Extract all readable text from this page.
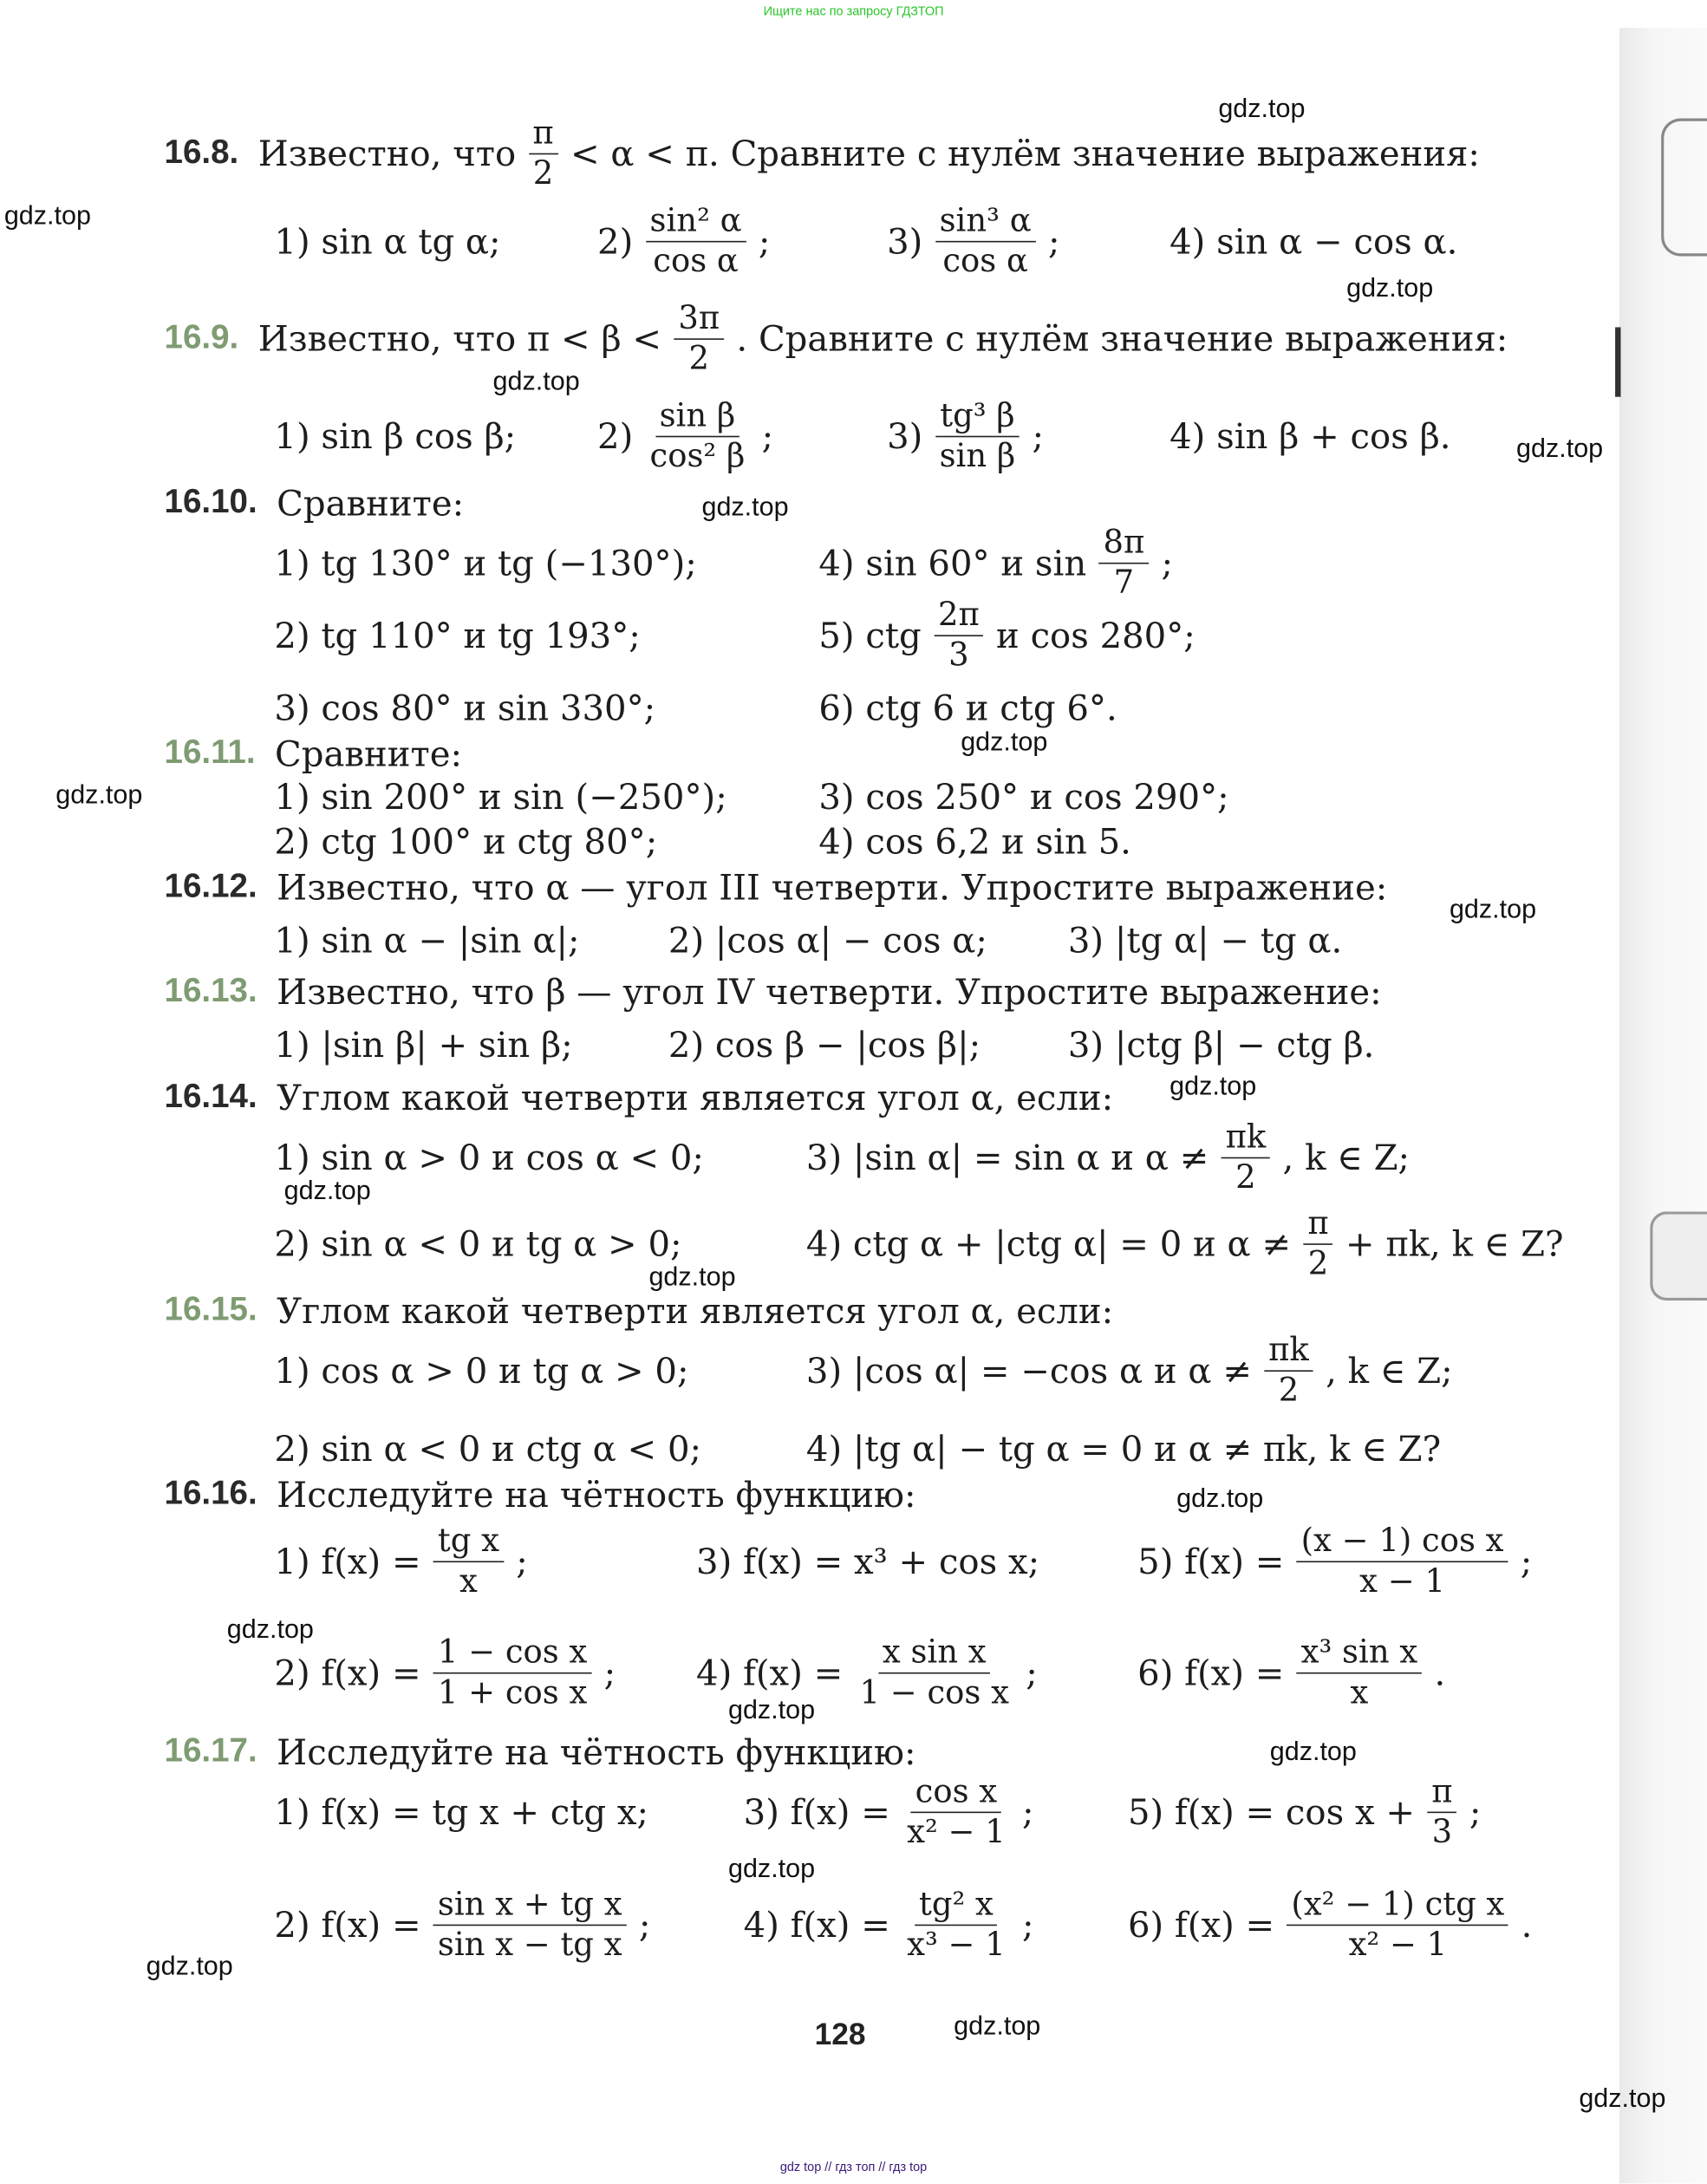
Ищите нас по запросу ГДЗТОП
gdz top // гдз топ // гдз top
128
16.8. Известно, что $\frac{\pi}{2} < \alpha < \pi$. Сравните с нулём значение выражения:
1) sin α tg α;	$2) \frac{\text{sin² α}}{\text{cos α}}$ ;	$3) \frac{\text{sin³ α}}{\text{cos α}}$ ;	4) sin α − cos α.
16.9. Известно, что $\pi < \beta < \frac{3\pi}{2}$ . Сравните с нулём значение выражения:
1) sin β cos β;	$2) \frac{\text{sin β}}{\text{cos² β}}$ ;	$3) \frac{\text{tg³ β}}{\text{sin β}}$ ;	4) sin β + cos β.
16.10. Сравните:
1) tg 130° и tg (−130°);	4) sin 60° и $\sin \frac{8\pi}{7}$ ;
2) tg 110° и tg 193°;	5) ctg $\frac{2\pi}{3}$ и cos 280°;
3) cos 80° и sin 330°;	6) ctg 6 и ctg 6°.
16.11. Сравните:
1) sin 200° и sin (−250°);	3) cos 250° и cos 290°;
2) ctg 100° и ctg 80°;	4) cos 6,2 и sin 5.
16.12. Известно, что α — угол III четверти. Упростите выражение:
1) sin α − |sin α|;	2) |cos α| − cos α;	3) |tg α| − tg α.
16.13. Известно, что β — угол IV четверти. Упростите выражение:
1) |sin β| + sin β;	2) cos β − |cos β|;	3) |ctg β| − ctg β.
16.14. Углом какой четверти является угол α, если:
1) sin α > 0 и cos α < 0;	3) |sin α| = sin α и $\alpha \ne \frac{\pi k}{2}$ , k ∈ Z;
2) sin α < 0 и tg α > 0;	4) ctg α + |ctg α| = 0 и $\alpha \ne \frac{\pi}{2} + \pi k$, k ∈ Z?
16.15. Углом какой четверти является угол α, если:
1) cos α > 0 и tg α > 0;	3) |cos α| = −cos α и $\alpha \ne \frac{\pi k}{2}$ , k ∈ Z;
2) sin α < 0 и ctg α < 0;	4) |tg α| − tg α = 0 и α ≠ πk, k ∈ Z?
16.16. Исследуйте на чётность функцию:
1) $f(x) = \frac{\text{tg x}}{x}$ ;	3) f(x) = x³ + cos x;	5) $f(x) = \frac{\text{(x − 1) cos x}}{x - 1}$ ;
2) $f(x) = \frac{\text{1 − cos x}}{\text{1 + cos x}}$ ;	4) $f(x) = \frac{\text{x sin x}}{\text{1 − cos x}}$ ;	6) $f(x) = \frac{\text{x³ sin x}}{x}$ .
16.17. Исследуйте на чётность функцию:
1) f(x) = tg x + ctg x;	3) $f(x) = \frac{\text{cos x}}{\text{x² − 1}}$ ;	5) $f(x) = \cos x + \frac{\pi}{3}$ ;
2) $f(x) = \frac{\text{sin x + tg x}}{\text{sin x − tg x}}$ ;	4) $f(x) = \frac{\text{tg² x}}{\text{x³ − 1}}$ ;	6) $f(x) = \frac{\text{(x² − 1) ctg x}}{\text{x² − 1}}$ .
gdz.top
gdz.top
gdz.top
gdz.top
gdz.top
gdz.top
gdz.top
gdz.top
gdz.top
gdz.top
gdz.top
gdz.top
gdz.top
gdz.top
gdz.top
gdz.top
gdz.top
gdz.top
gdz.top
gdz.top
